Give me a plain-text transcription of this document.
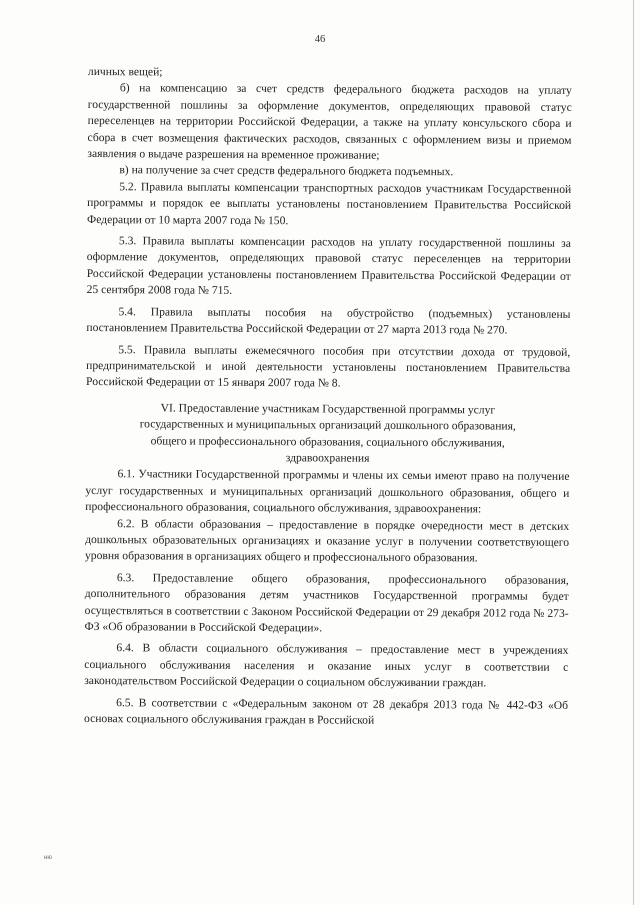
46

личных вещей;

б) на компенсацию за счет средств федерального бюджета расходов на уплату государственной пошлины за оформление документов, определяющих правовой статус переселенцев на территории Российской Федерации, а также на уплату консульского сбора и сбора в счет возмещения фактических расходов, связанных с оформлением визы и приемом заявления о выдаче разрешения на временное проживание;

в) на получение за счет средств федерального бюджета подъемных.

5.2. Правила выплаты компенсации транспортных расходов участникам Государственной программы и порядок ее выплаты установлены постановлением Правительства Российской Федерации от 10 марта 2007 года № 150.

5.3. Правила выплаты компенсации расходов на уплату государственной пошлины за оформление документов, определяющих правовой статус переселенцев на территории Российской Федерации установлены постановлением Правительства Российской Федерации от 25 сентября 2008 года № 715.

5.4. Правила выплаты пособия на обустройство (подъемных) установлены постановлением Правительства Российской Федерации от 27 марта 2013 года № 270.

5.5. Правила выплаты ежемесячного пособия при отсутствии дохода от трудовой, предпринимательской и иной деятельности установлены постановлением Правительства Российской Федерации от 15 января 2007 года № 8.

VI. Предоставление участникам Государственной программы услуг
государственных и муниципальных организаций дошкольного образования,
общего и профессионального образования, социального обслуживания,
здравоохранения

6.1. Участники Государственной программы и члены их семьи имеют право на получение услуг государственных и муниципальных организаций дошкольного образования, общего и профессионального образования, социального обслуживания, здравоохранения:

6.2. В области образования – предоставление в порядке очередности мест в детских дошкольных образовательных организациях и оказание услуг в получении соответствующего уровня образования в организациях общего и профессионального образования.

6.3. Предоставление общего образования, профессионального образования, дополнительного образования детям участников Государственной программы будет осуществляться в соответствии с Законом Российской Федерации от 29 декабря 2012 года № 273-ФЗ «Об образовании в Российской Федерации».

6.4. В области социального обслуживания – предоставление мест в учреждениях социального обслуживания населения и оказание иных услуг в соответствии с законодательством Российской Федерации о социальном обслуживании граждан.

6.5. В соответствии с «Федеральным законом от 28 декабря 2013 года № 442-ФЗ «Об основах социального обслуживания граждан в Российской

ню
